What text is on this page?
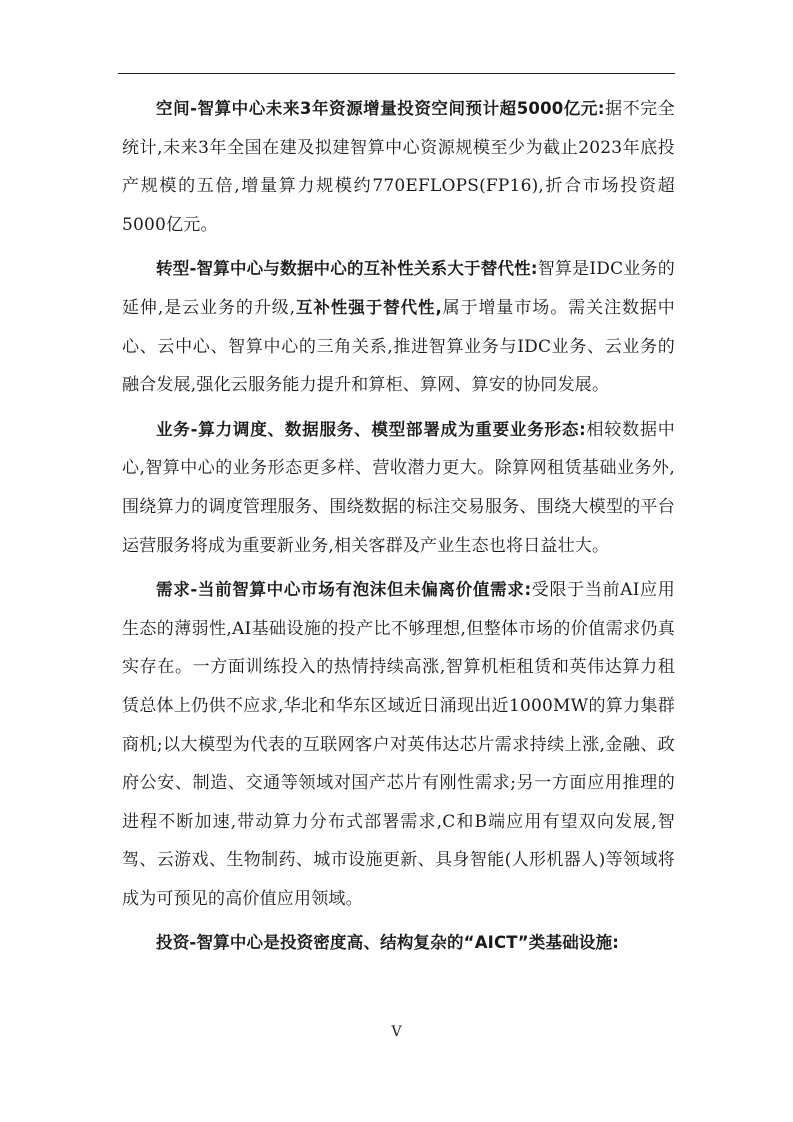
空间-智算中心未来3年资源增量投资空间预计超5000亿元:据不完全统计,未来3年全国在建及拟建智算中心资源规模至少为截止2023年底投产规模的五倍,增量算力规模约770EFLOPS(FP16),折合市场投资超5000亿元。

转型-智算中心与数据中心的互补性关系大于替代性:智算是IDC业务的延伸,是云业务的升级,互补性强于替代性,属于增量市场。需关注数据中心、云中心、智算中心的三角关系,推进智算业务与IDC业务、云业务的融合发展,强化云服务能力提升和算柜、算网、算安的协同发展。

业务-算力调度、数据服务、模型部署成为重要业务形态:相较数据中心,智算中心的业务形态更多样、营收潜力更大。除算网租赁基础业务外,围绕算力的调度管理服务、围绕数据的标注交易服务、围绕大模型的平台运营服务将成为重要新业务,相关客群及产业生态也将日益壮大。

需求-当前智算中心市场有泡沫但未偏离价值需求:受限于当前AI应用生态的薄弱性,AI基础设施的投产比不够理想,但整体市场的价值需求仍真实存在。一方面训练投入的热情持续高涨,智算机柜租赁和英伟达算力租赁总体上仍供不应求,华北和华东区域近日涌现出近1000MW的算力集群商机;以大模型为代表的互联网客户对英伟达芯片需求持续上涨,金融、政府公安、制造、交通等领域对国产芯片有刚性需求;另一方面应用推理的进程不断加速,带动算力分布式部署需求,C和B端应用有望双向发展,智驾、云游戏、生物制药、城市设施更新、具身智能(人形机器人)等领域将成为可预见的高价值应用领域。

投资-智算中心是投资密度高、结构复杂的“AICT”类基础设施:

V
